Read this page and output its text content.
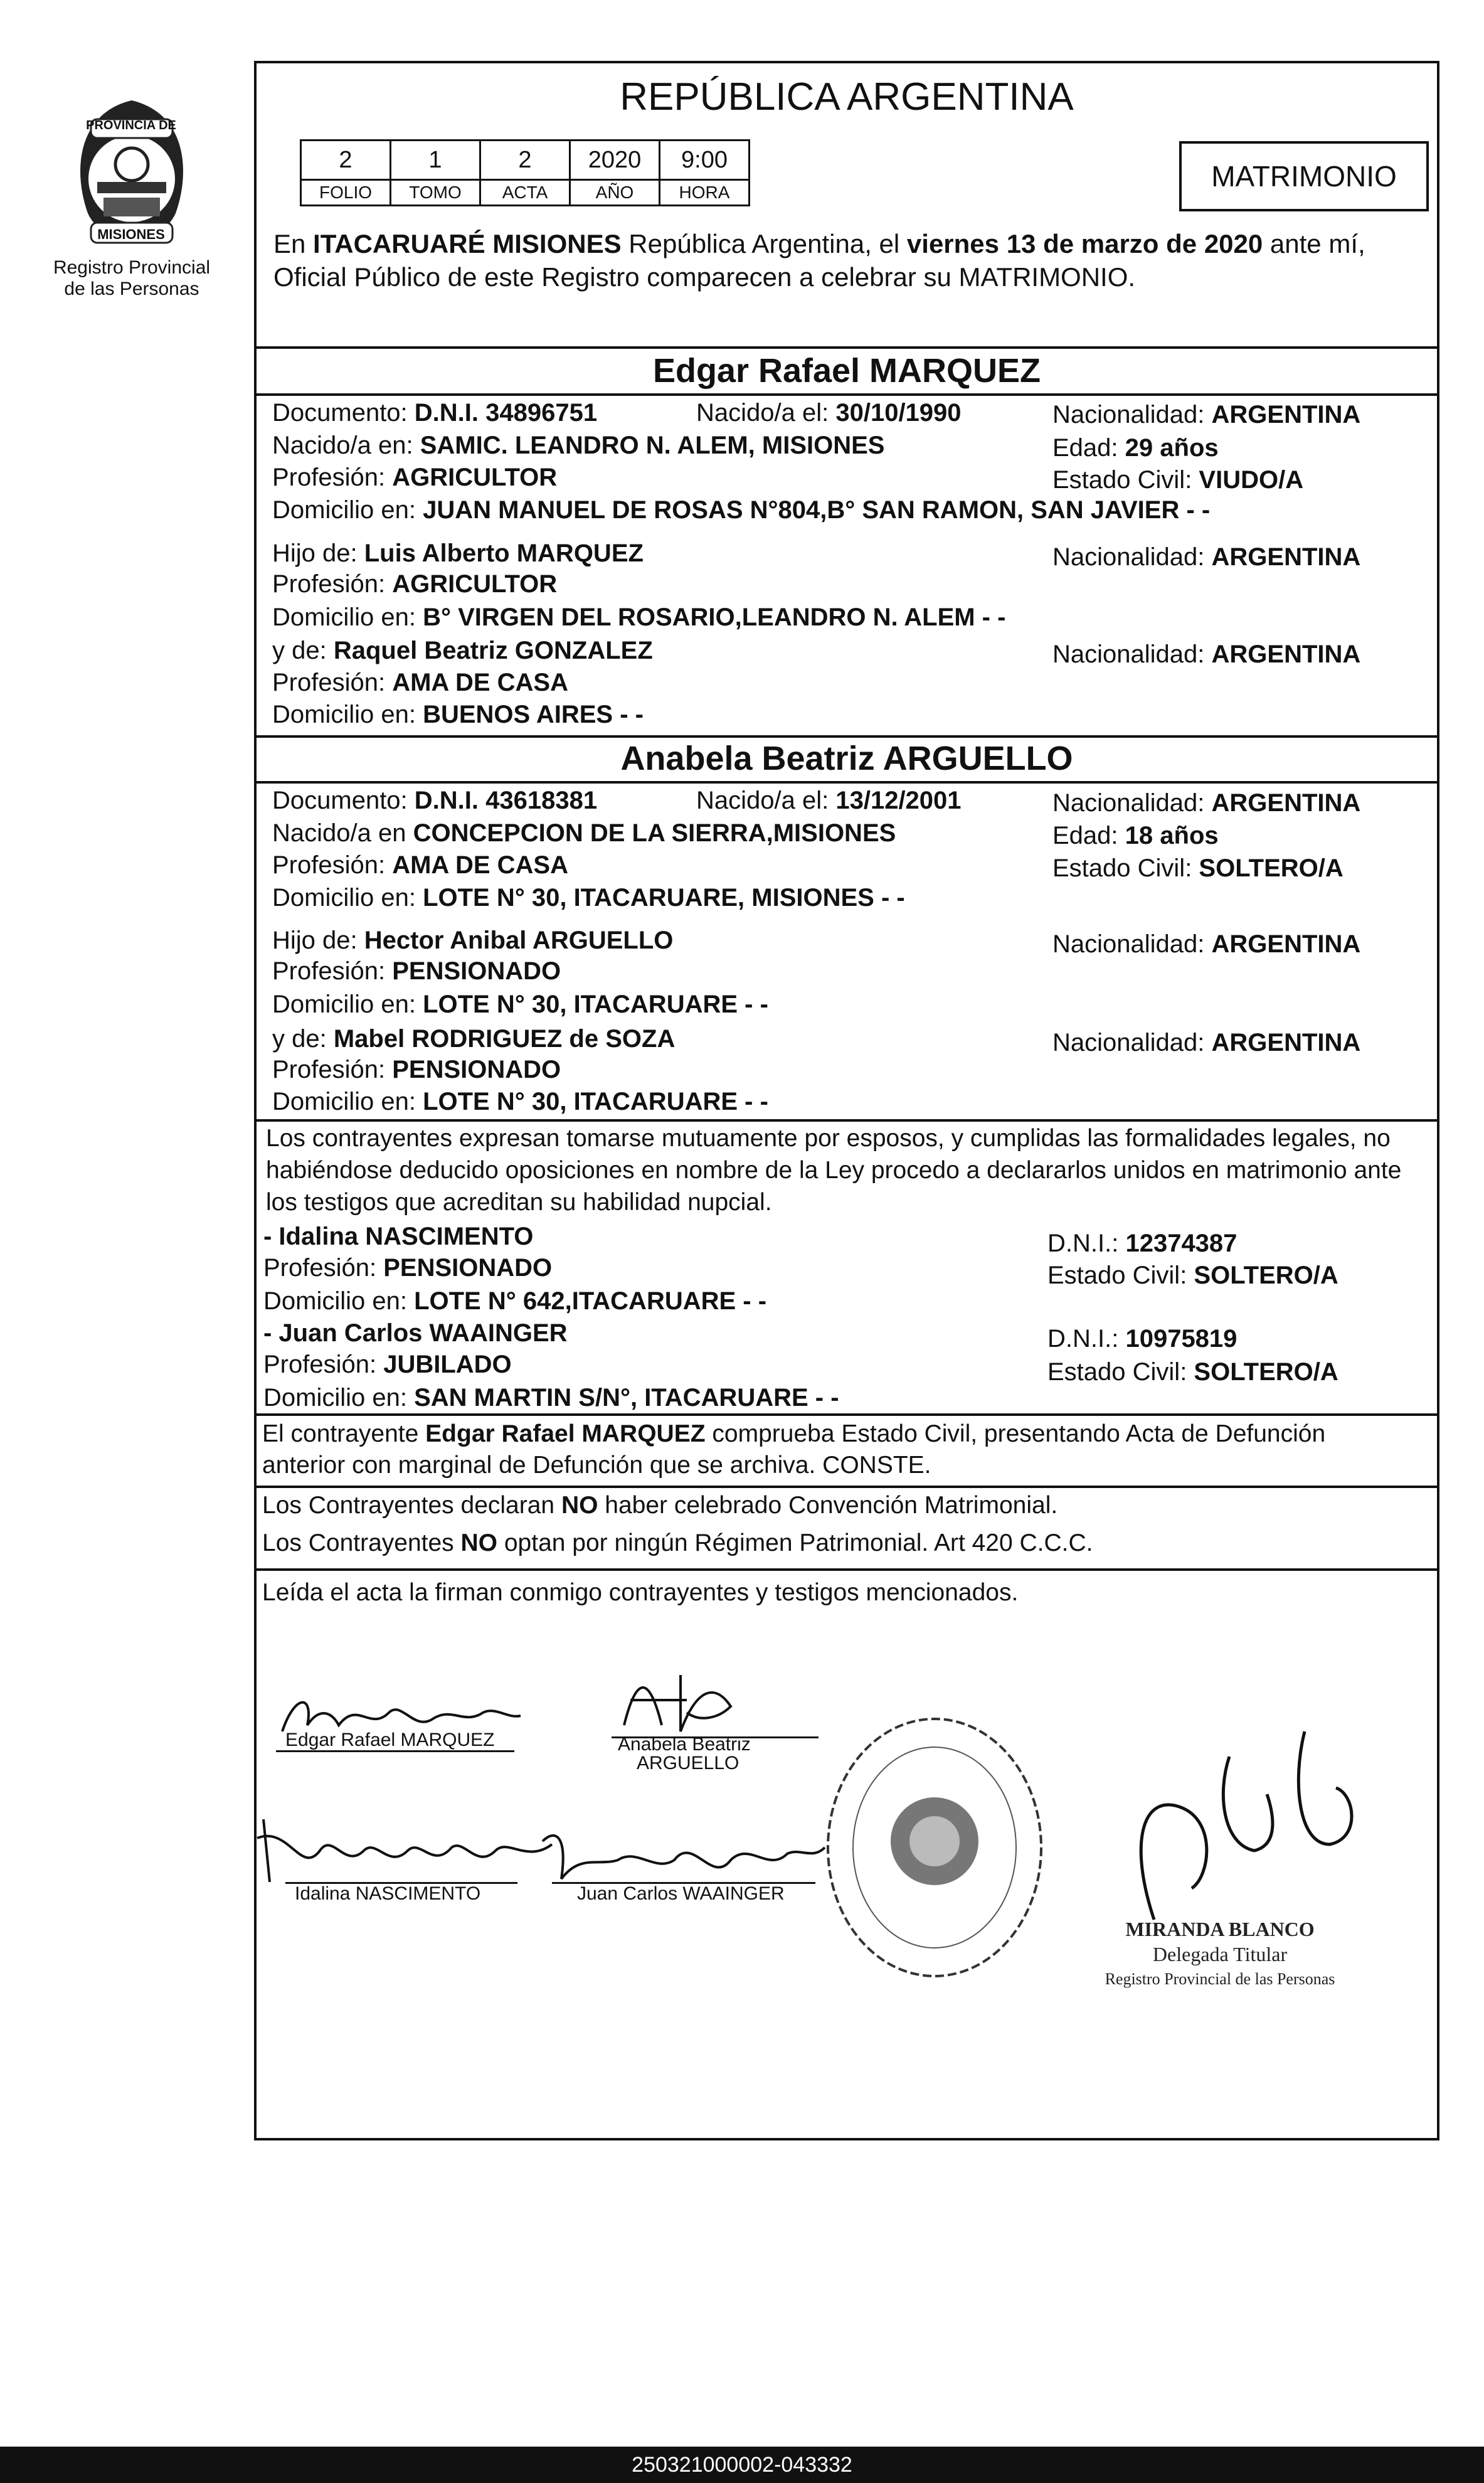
PROVINCIA DE
MISIONES
Registro Provincial
de las Personas
REPÚBLICA ARGENTINA
2	1	2	2020	9:00
FOLIO	TOMO	ACTA	AÑO	HORA	MATRIMONIO
En ITACARUARÉ MISIONES República Argentina, el viernes 13 de marzo de 2020 ante mí,
Oficial Público de este Registro comparecen a celebrar su MATRIMONIO.
Edgar Rafael MARQUEZ
Documento: D.N.I. 34896751	Nacido/a el: 30/10/1990	Nacionalidad: ARGENTINA
Nacido/a en: SAMIC. LEANDRO N. ALEM, MISIONES	Edad: 29 años
Profesión: AGRICULTOR	Estado Civil: VIUDO/A
Domicilio en: JUAN MANUEL DE ROSAS N°804,B° SAN RAMON, SAN JAVIER - -
Hijo de: Luis Alberto MARQUEZ	Nacionalidad: ARGENTINA
Profesión: AGRICULTOR
Domicilio en: B° VIRGEN DEL ROSARIO,LEANDRO N. ALEM - -
y de: Raquel Beatriz GONZALEZ	Nacionalidad: ARGENTINA
Profesión: AMA DE CASA
Domicilio en: BUENOS AIRES - -
Anabela Beatriz ARGUELLO
Documento: D.N.I. 43618381	Nacido/a el: 13/12/2001	Nacionalidad: ARGENTINA
Nacido/a en CONCEPCION DE LA SIERRA,MISIONES	Edad: 18 años
Profesión: AMA DE CASA	Estado Civil: SOLTERO/A
Domicilio en: LOTE N° 30, ITACARUARE, MISIONES - -
Hijo de: Hector Anibal ARGUELLO	Nacionalidad: ARGENTINA
Profesión: PENSIONADO
Domicilio en: LOTE N° 30, ITACARUARE - -
y de: Mabel RODRIGUEZ de SOZA	Nacionalidad: ARGENTINA
Profesión: PENSIONADO
Domicilio en: LOTE N° 30, ITACARUARE - -
Los contrayentes expresan tomarse mutuamente por esposos, y cumplidas las formalidades legales, no
habiéndose deducido oposiciones en nombre de la Ley procedo a declararlos unidos en matrimonio ante
los testigos que acreditan su habilidad nupcial.
- Idalina NASCIMENTO	D.N.I.: 12374387
Profesión: PENSIONADO	Estado Civil: SOLTERO/A
Domicilio en: LOTE N° 642,ITACARUARE - -
- Juan Carlos WAAINGER	D.N.I.: 10975819
Profesión: JUBILADO	Estado Civil: SOLTERO/A
Domicilio en: SAN MARTIN S/N°, ITACARUARE - -
El contrayente Edgar Rafael MARQUEZ comprueba Estado Civil, presentando Acta de Defunción
anterior con marginal de Defunción que se archiva. CONSTE.
Los Contrayentes declaran NO haber celebrado Convención Matrimonial.
Los Contrayentes NO optan por ningún Régimen Patrimonial. Art 420 C.C.C.
Leída el acta la firman conmigo contrayentes y testigos mencionados.
Edgar Rafael MARQUEZ	Anabela Beatriz
ARGUELLO
Idalina NASCIMENTO	Juan Carlos WAAINGER
MIRANDA BLANCO
Delegada Titular
Registro Provincial de las Personas
250321000002-043332
